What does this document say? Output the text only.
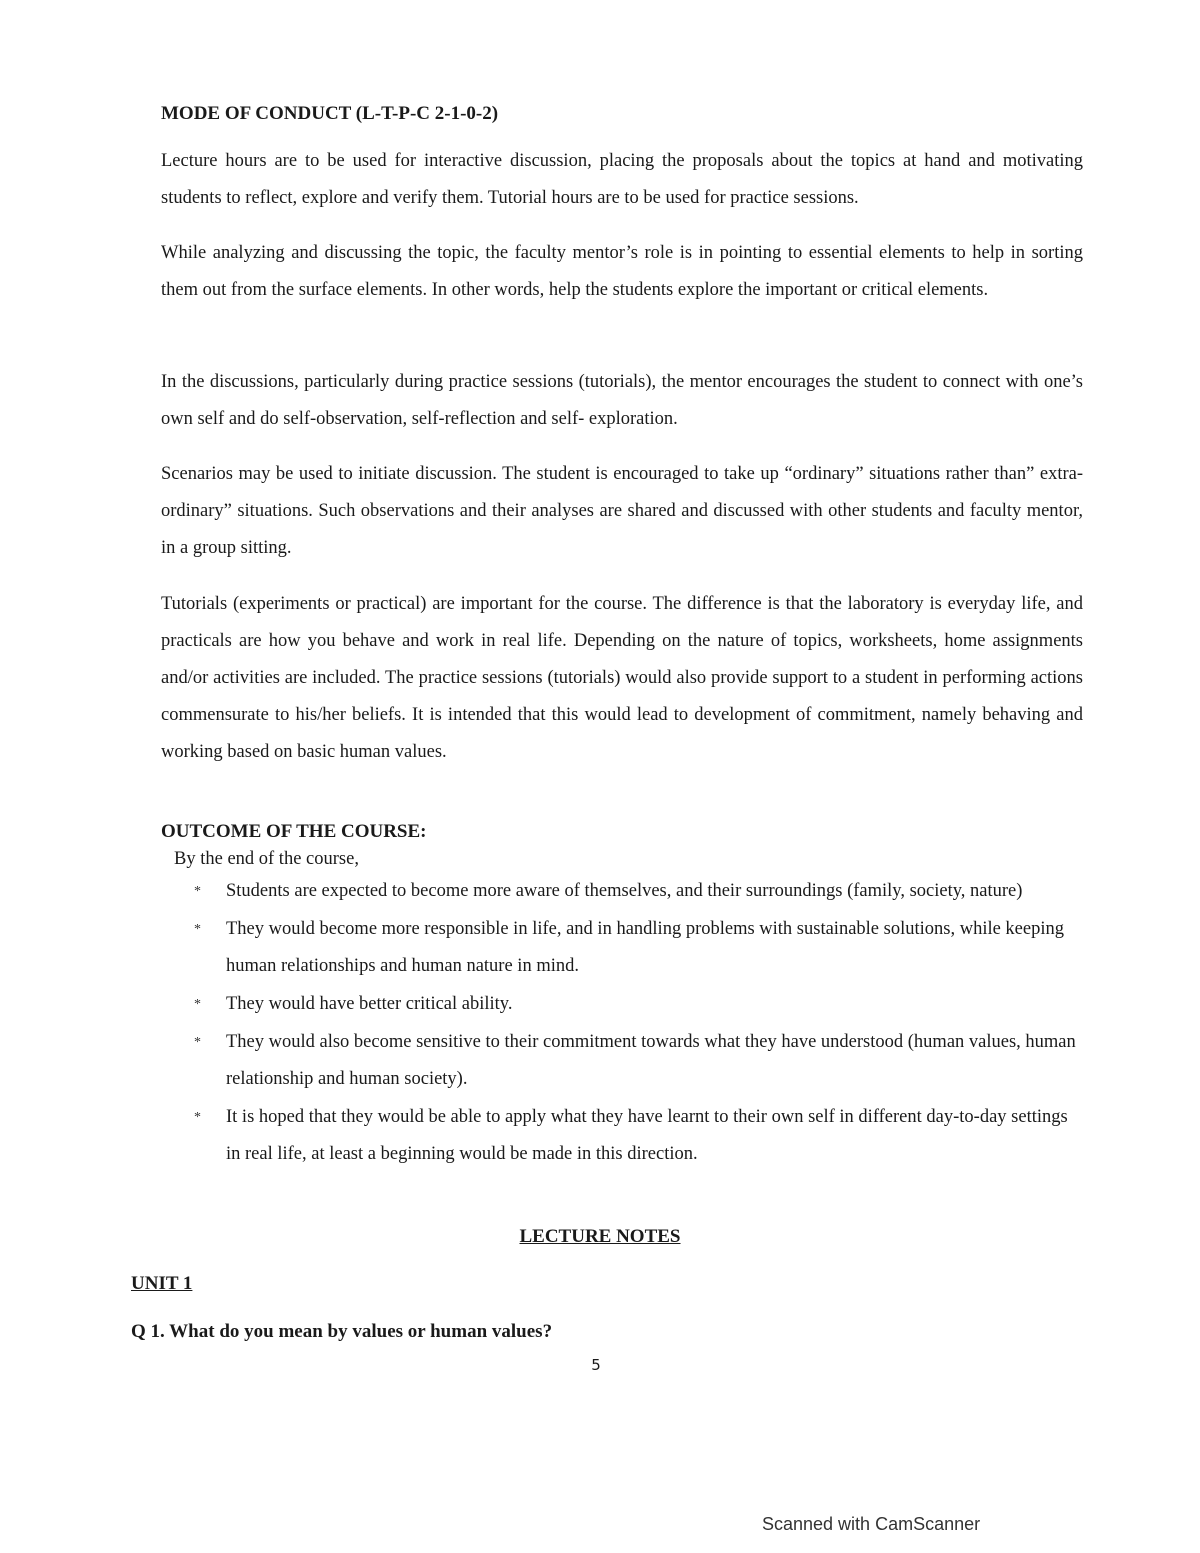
MODE OF CONDUCT (L-T-P-C 2-1-0-2)

Lecture hours are to be used for interactive discussion, placing the proposals about the topics at hand and motivating students to reflect, explore and verify them. Tutorial hours are to be used for practice sessions.

While analyzing and discussing the topic, the faculty mentor’s role is in pointing to essential elements to help in sorting them out from the surface elements. In other words, help the students explore the important or critical elements.

In the discussions, particularly during practice sessions (tutorials), the mentor encourages the student to connect with one’s own self and do self-observation, self-reflection and self- exploration.

Scenarios may be used to initiate discussion. The student is encouraged to take up “ordinary” situations rather than” extra-ordinary” situations. Such observations and their analyses are shared and discussed with other students and faculty mentor, in a group sitting.

Tutorials (experiments or practical) are important for the course. The difference is that the laboratory is everyday life, and practicals are how you behave and work in real life. Depending on the nature of topics, worksheets, home assignments and/or activities are included. The practice sessions (tutorials) would also provide support to a student in performing actions commensurate to his/her beliefs. It is intended that this would lead to development of commitment, namely behaving and working based on basic human values.

OUTCOME OF THE COURSE:

By the end of the course,

* Students are expected to become more aware of themselves, and their surroundings (family, society, nature)
* They would become more responsible in life, and in handling problems with sustainable solutions, while keeping human relationships and human nature in mind.
* They would have better critical ability.
* They would also become sensitive to their commitment towards what they have understood (human values, human relationship and human society).
* It is hoped that they would be able to apply what they have learnt to their own self in different day-to-day settings in real life, at least a beginning would be made in this direction.
LECTURE NOTES
UNIT 1

Q 1. What do you mean by values or human values?

5

Scanned with CamScanner
